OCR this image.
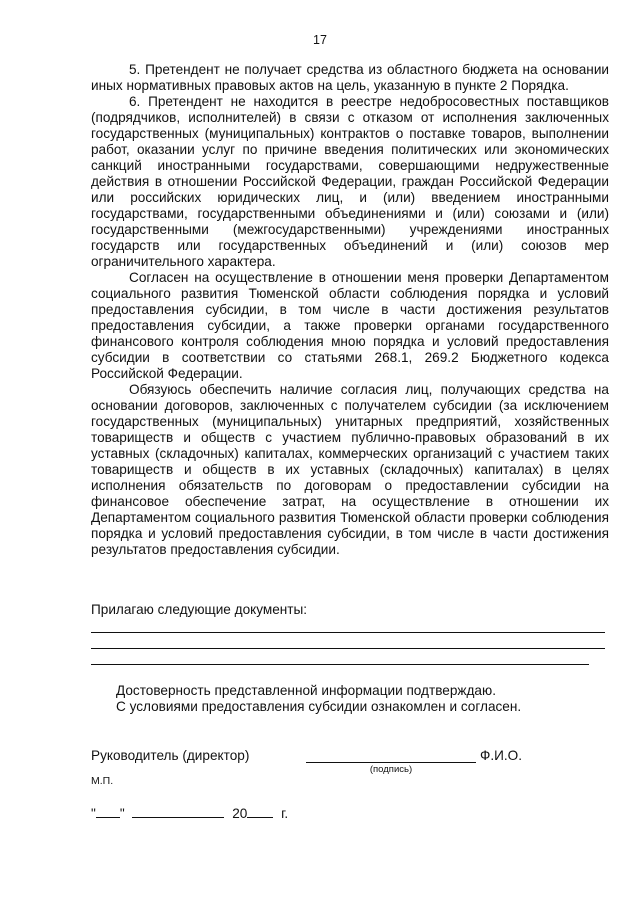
17

5. Претендент не получает средства из областного бюджета на основании иных нормативных правовых актов на цель, указанную в пункте 2 Порядка.

6. Претендент не находится в реестре недобросовестных поставщиков (подрядчиков, исполнителей) в связи с отказом от исполнения заключенных государственных (муниципальных) контрактов о поставке товаров, выполнении работ, оказании услуг по причине введения политических или экономических санкций иностранными государствами, совершающими недружественные действия в отношении Российской Федерации, граждан Российской Федерации или российских юридических лиц, и (или) введением иностранными государствами, государственными объединениями и (или) союзами и (или) государственными (межгосударственными) учреждениями иностранных государств или государственных объединений и (или) союзов мер ограничительного характера.

Согласен на осуществление в отношении меня проверки Департаментом социального развития Тюменской области соблюдения порядка и условий предоставления субсидии, в том числе в части достижения результатов предоставления субсидии, а также проверки органами государственного финансового контроля соблюдения мною порядка и условий предоставления субсидии в соответствии со статьями 268.1, 269.2 Бюджетного кодекса Российской Федерации.

Обязуюсь обеспечить наличие согласия лиц, получающих средства на основании договоров, заключенных с получателем субсидии (за исключением государственных (муниципальных) унитарных предприятий, хозяйственных товариществ и обществ с участием публично-правовых образований в их уставных (складочных) капиталах, коммерческих организаций с участием таких товариществ и обществ в их уставных (складочных) капиталах) в целях исполнения обязательств по договорам о предоставлении субсидии на финансовое обеспечение затрат, на осуществление в отношении их Департаментом социального развития Тюменской области проверки соблюдения порядка и условий предоставления субсидии, в том числе в части достижения результатов предоставления субсидии.

Прилагаю следующие документы:
Достоверность представленной информации подтверждаю.
С условиями предоставления субсидии ознакомлен и согласен.
Руководитель (директор)	Ф.И.О.
(подпись)
М.П.
" "	20 г.
